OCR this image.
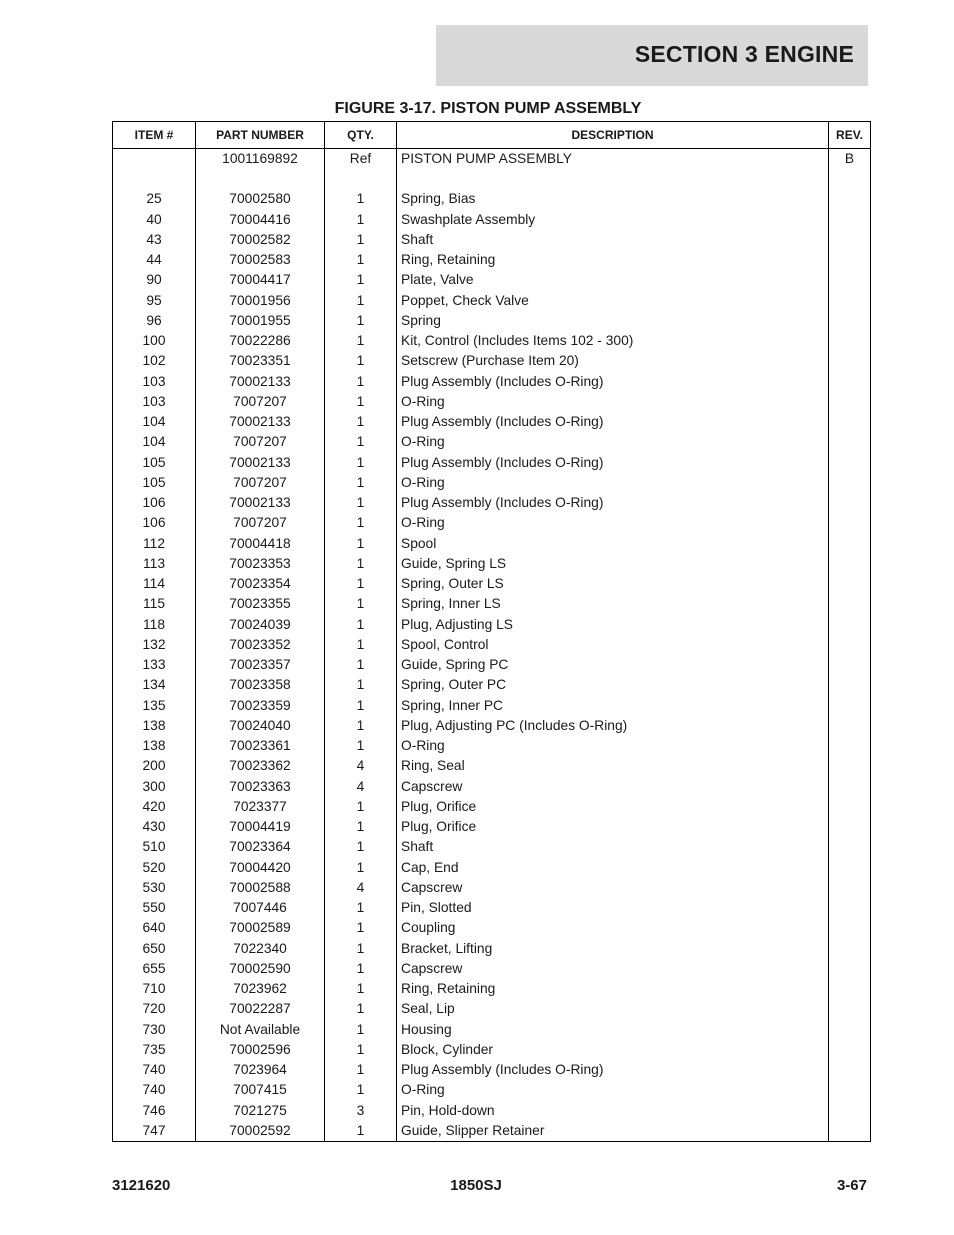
SECTION 3 ENGINE
FIGURE 3-17. PISTON PUMP ASSEMBLY
ITEM #	PART NUMBER	QTY.	DESCRIPTION	REV.
	1001169892	Ref	PISTON PUMP ASSEMBLY	B

25	70002580	1	Spring, Bias	
40	70004416	1	Swashplate Assembly	
43	70002582	1	Shaft	
44	70002583	1	Ring, Retaining	
90	70004417	1	Plate, Valve	
95	70001956	1	Poppet, Check Valve	
96	70001955	1	Spring	
100	70022286	1	Kit, Control (Includes Items 102 - 300)	
102	70023351	1	Setscrew (Purchase Item 20)	
103	70002133	1	Plug Assembly (Includes O-Ring)	
103	7007207	1	O-Ring	
104	70002133	1	Plug Assembly (Includes O-Ring)	
104	7007207	1	O-Ring	
105	70002133	1	Plug Assembly (Includes O-Ring)	
105	7007207	1	O-Ring	
106	70002133	1	Plug Assembly (Includes O-Ring)	
106	7007207	1	O-Ring	
112	70004418	1	Spool	
113	70023353	1	Guide, Spring LS	
114	70023354	1	Spring, Outer LS	
115	70023355	1	Spring, Inner LS	
118	70024039	1	Plug, Adjusting LS	
132	70023352	1	Spool, Control	
133	70023357	1	Guide, Spring PC	
134	70023358	1	Spring, Outer PC	
135	70023359	1	Spring, Inner PC	
138	70024040	1	Plug, Adjusting PC (Includes O-Ring)	
138	70023361	1	O-Ring	
200	70023362	4	Ring, Seal	
300	70023363	4	Capscrew	
420	7023377	1	Plug, Orifice	
430	70004419	1	Plug, Orifice	
510	70023364	1	Shaft	
520	70004420	1	Cap, End	
530	70002588	4	Capscrew	
550	7007446	1	Pin, Slotted	
640	70002589	1	Coupling	
650	7022340	1	Bracket, Lifting	
655	70002590	1	Capscrew	
710	7023962	1	Ring, Retaining	
720	70022287	1	Seal, Lip	
730	Not Available	1	Housing	
735	70002596	1	Block, Cylinder	
740	7023964	1	Plug Assembly (Includes O-Ring)	
740	7007415	1	O-Ring	
746	7021275	3	Pin, Hold-down	
747	70002592	1	Guide, Slipper Retainer	
3121620	1850SJ	3-67
